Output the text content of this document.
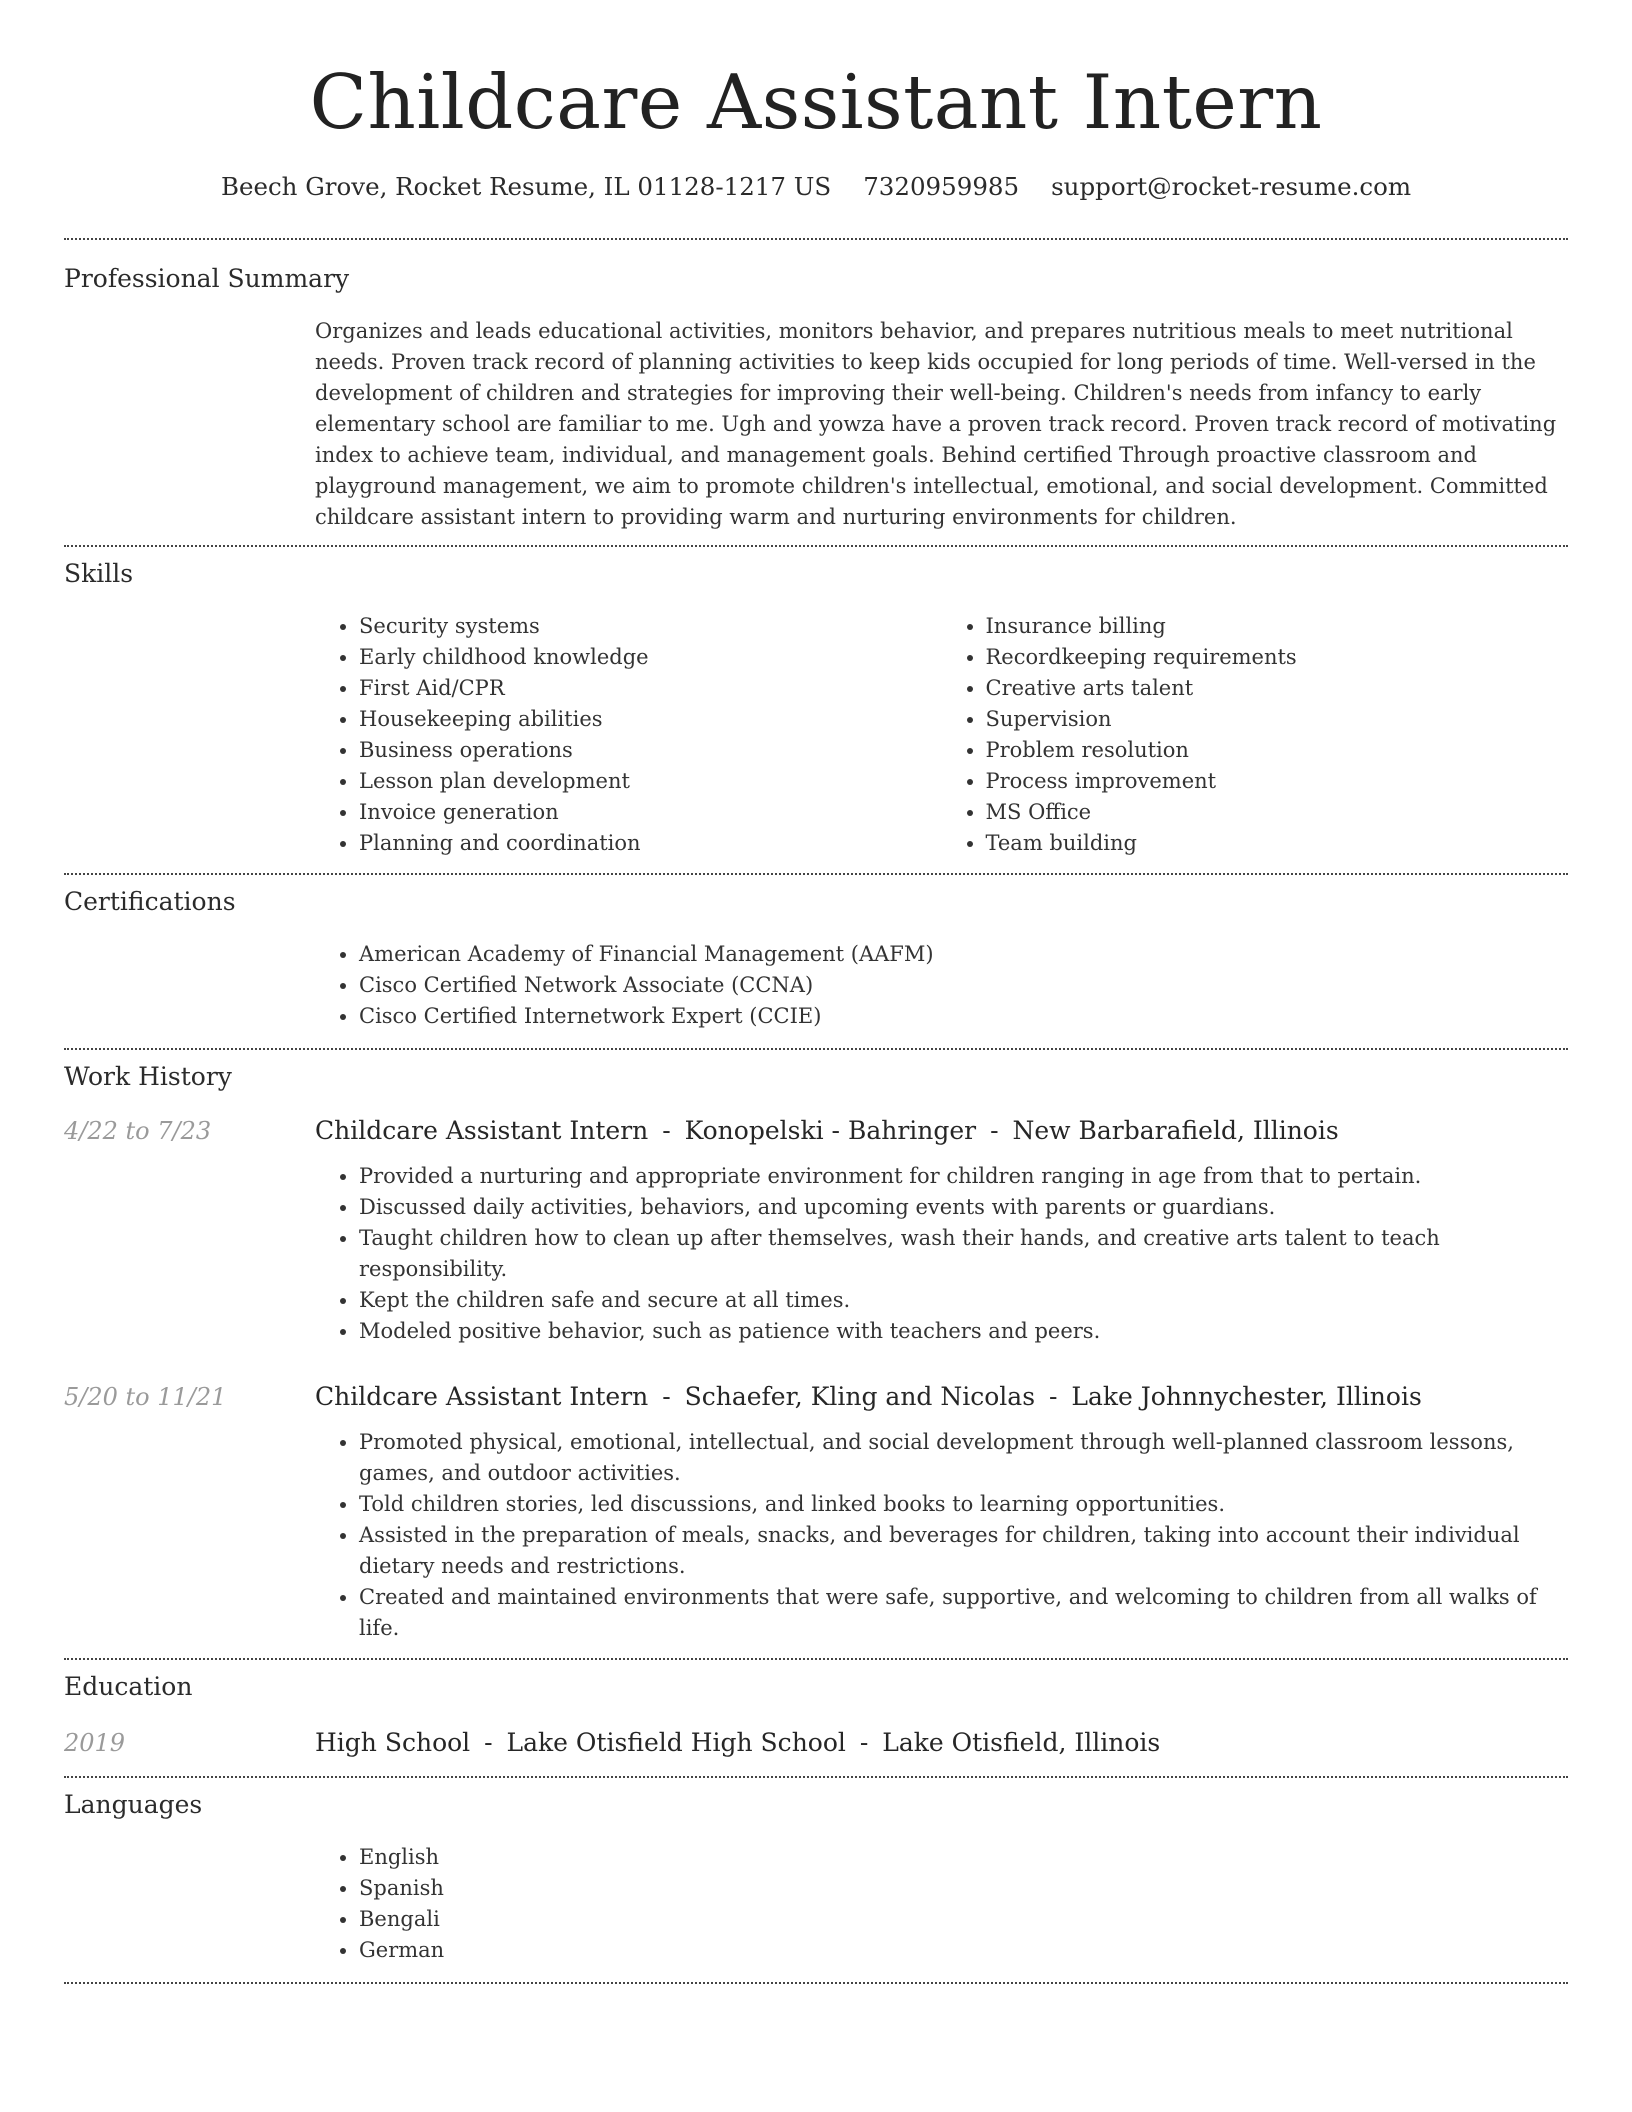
Childcare Assistant Intern
Beech Grove, Rocket Resume, IL 01128-1217 US 7320959985 support@rocket-resume.com
Professional Summary

Organizes and leads educational activities, monitors behavior, and prepares nutritious meals to meet nutritional needs. Proven track record of planning activities to keep kids occupied for long periods of time. Well-versed in the development of children and strategies for improving their well-being. Children's needs from infancy to early elementary school are familiar to me. Ugh and yowza have a proven track record. Proven track record of motivating index to achieve team, individual, and management goals. Behind certified Through proactive classroom and playground management, we aim to promote children's intellectual, emotional, and social development. Committed childcare assistant intern to providing warm and nurturing environments for children.

Skills
• Security systems
• Early childhood knowledge
• First Aid/CPR
• Housekeeping abilities
• Business operations
• Lesson plan development
• Invoice generation
• Planning and coordination
• Insurance billing
• Recordkeeping requirements
• Creative arts talent
• Supervision
• Problem resolution
• Process improvement
• MS Office
• Team building
Certifications
• American Academy of Financial Management (AAFM)
• Cisco Certified Network Associate (CCNA)
• Cisco Certified Internetwork Expert (CCIE)
Work History
4/22 to 7/23	Childcare Assistant Intern - Konopelski - Bahringer - New Barbarafield, Illinois
• Provided a nurturing and appropriate environment for children ranging in age from that to pertain.
• Discussed daily activities, behaviors, and upcoming events with parents or guardians.
• Taught children how to clean up after themselves, wash their hands, and creative arts talent to teach responsibility.
• Kept the children safe and secure at all times.
• Modeled positive behavior, such as patience with teachers and peers.
5/20 to 11/21	Childcare Assistant Intern - Schaefer, Kling and Nicolas - Lake Johnnychester, Illinois
• Promoted physical, emotional, intellectual, and social development through well-planned classroom lessons, games, and outdoor activities.
• Told children stories, led discussions, and linked books to learning opportunities.
• Assisted in the preparation of meals, snacks, and beverages for children, taking into account their individual dietary needs and restrictions.
• Created and maintained environments that were safe, supportive, and welcoming to children from all walks of life.
Education
2019	High School - Lake Otisfield High School - Lake Otisfield, Illinois
Languages
• English
• Spanish
• Bengali
• German
